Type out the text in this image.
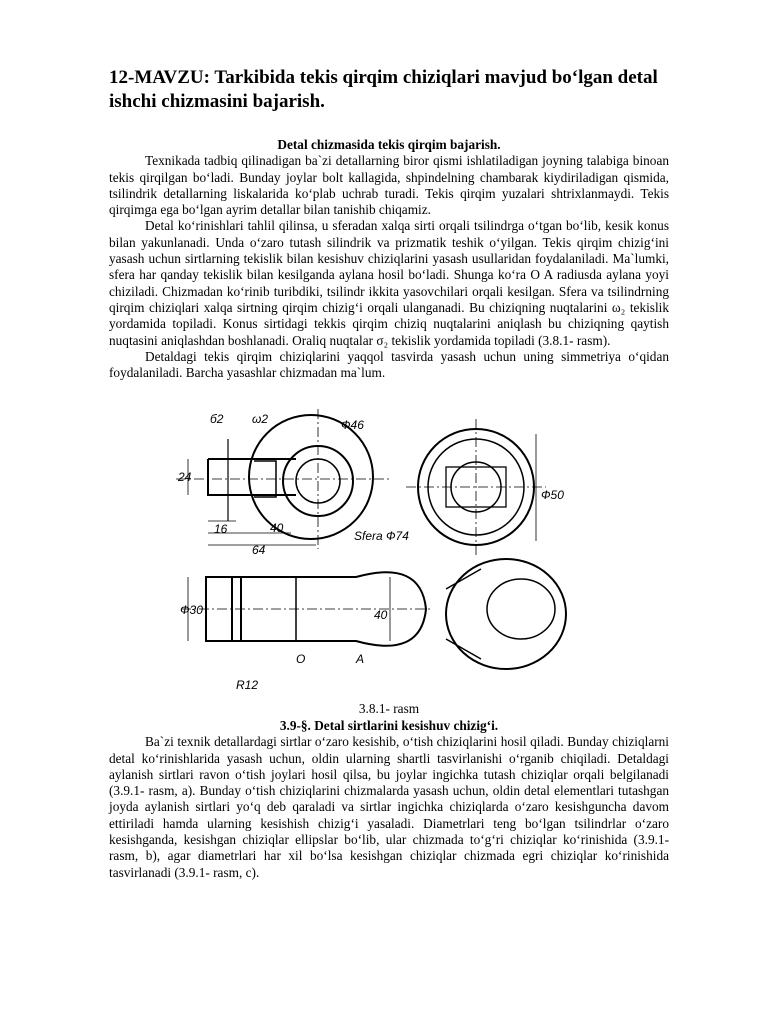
12-MAVZU: Tarkibida tekis qirqim chiziqlari mavjud bo‘lgan detal ishchi chizmasini bajarish.
Detal chizmasida tekis qirqim bajarish.

Texnikada tadbiq qilinadigan ba`zi detallarning biror qismi ishlatiladigan joyning talabiga binoan tekis qirqilgan bo‘ladi. Bunday joylar bolt kallagida, shpindelning chambarak kiydiriladigan qismida, tsilindrik detallarning liskalarida ko‘plab uchrab turadi. Tekis qirqim yuzalari shtrixlanmaydi. Tekis qirqimga ega bo‘lgan ayrim detallar bilan tanishib chiqamiz.

Detal ko‘rinishlari tahlil qilinsa, u sferadan xalqa sirti orqali tsilindrga o‘tgan bo‘lib, kesik konus bilan yakunlanadi. Unda o‘zaro tutash silindrik va prizmatik teshik o‘yilgan. Tekis qirqim chizig‘ini yasash uchun sirtlarning tekislik bilan kesishuv chiziqlarini yasash usullaridan foydalaniladi. Ma`lumki, sfera har qanday tekislik bilan kesilganda aylana hosil bo‘ladi. Shunga ko‘ra O A radiusda aylana yoyi chiziladi. Chizmadan ko‘rinib turibdiki, tsilindr ikkita yasovchilari orqali kesilgan. Sfera va tsilindrning qirqim chiziqlari xalqa sirtning qirqim chizig‘i orqali ulanganadi. Bu chiziqning nuqtalarini ω₂ tekislik yordamida topiladi. Konus sirtidagi tekkis qirqim chiziq nuqtalarini aniqlash bu chiziqning qaytish nuqtasini aniqlashdan boshlanadi. Oraliq nuqtalar σ₂ tekislik yordamida topiladi (3.8.1- rasm).

Detaldagi tekis qirqim chiziqlarini yaqqol tasvirda yasash uchun uning simmetriya o‘qidan foydalaniladi. Barcha yasashlar chizmadan ma`lum.

б2 ω2	Ф46
Ф50
Ф30
24
16	40
64
Sfera Ф74
R12
40
O	A
3.8.1- rasm
3.9-§. Detal sirtlarini kesishuv chizig‘i.

Ba`zi texnik detallardagi sirtlar o‘zaro kesishib, o‘tish chiziqlarini hosil qiladi. Bunday chiziqlarni detal ko‘rinishlarida yasash uchun, oldin ularning shartli tasvirlanishi o‘rganib chiqiladi. Detaldagi aylanish sirtlari ravon o‘tish joylari hosil qilsa, bu joylar ingichka tutash chiziqlar orqali belgilanadi (3.9.1- rasm, a). Bunday o‘tish chiziqlarini chizmalarda yasash uchun, oldin detal elementlari tutashgan joyda aylanish sirtlari yo‘q deb qaraladi va sirtlar ingichka chiziqlarda o‘zaro kesishguncha davom ettiriladi hamda ularning kesishish chizig‘i yasaladi. Diametrlari teng bo‘lgan tsilindrlar o‘zaro kesishganda, kesishgan chiziqlar ellipslar bo‘lib, ular chizmada to‘g‘ri chiziqlar ko‘rinishida (3.9.1- rasm, b), agar diametrlari har xil bo‘lsa kesishgan chiziqlar chizmada egri chiziqlar ko‘rinishida tasvirlanadi (3.9.1- rasm, c).
